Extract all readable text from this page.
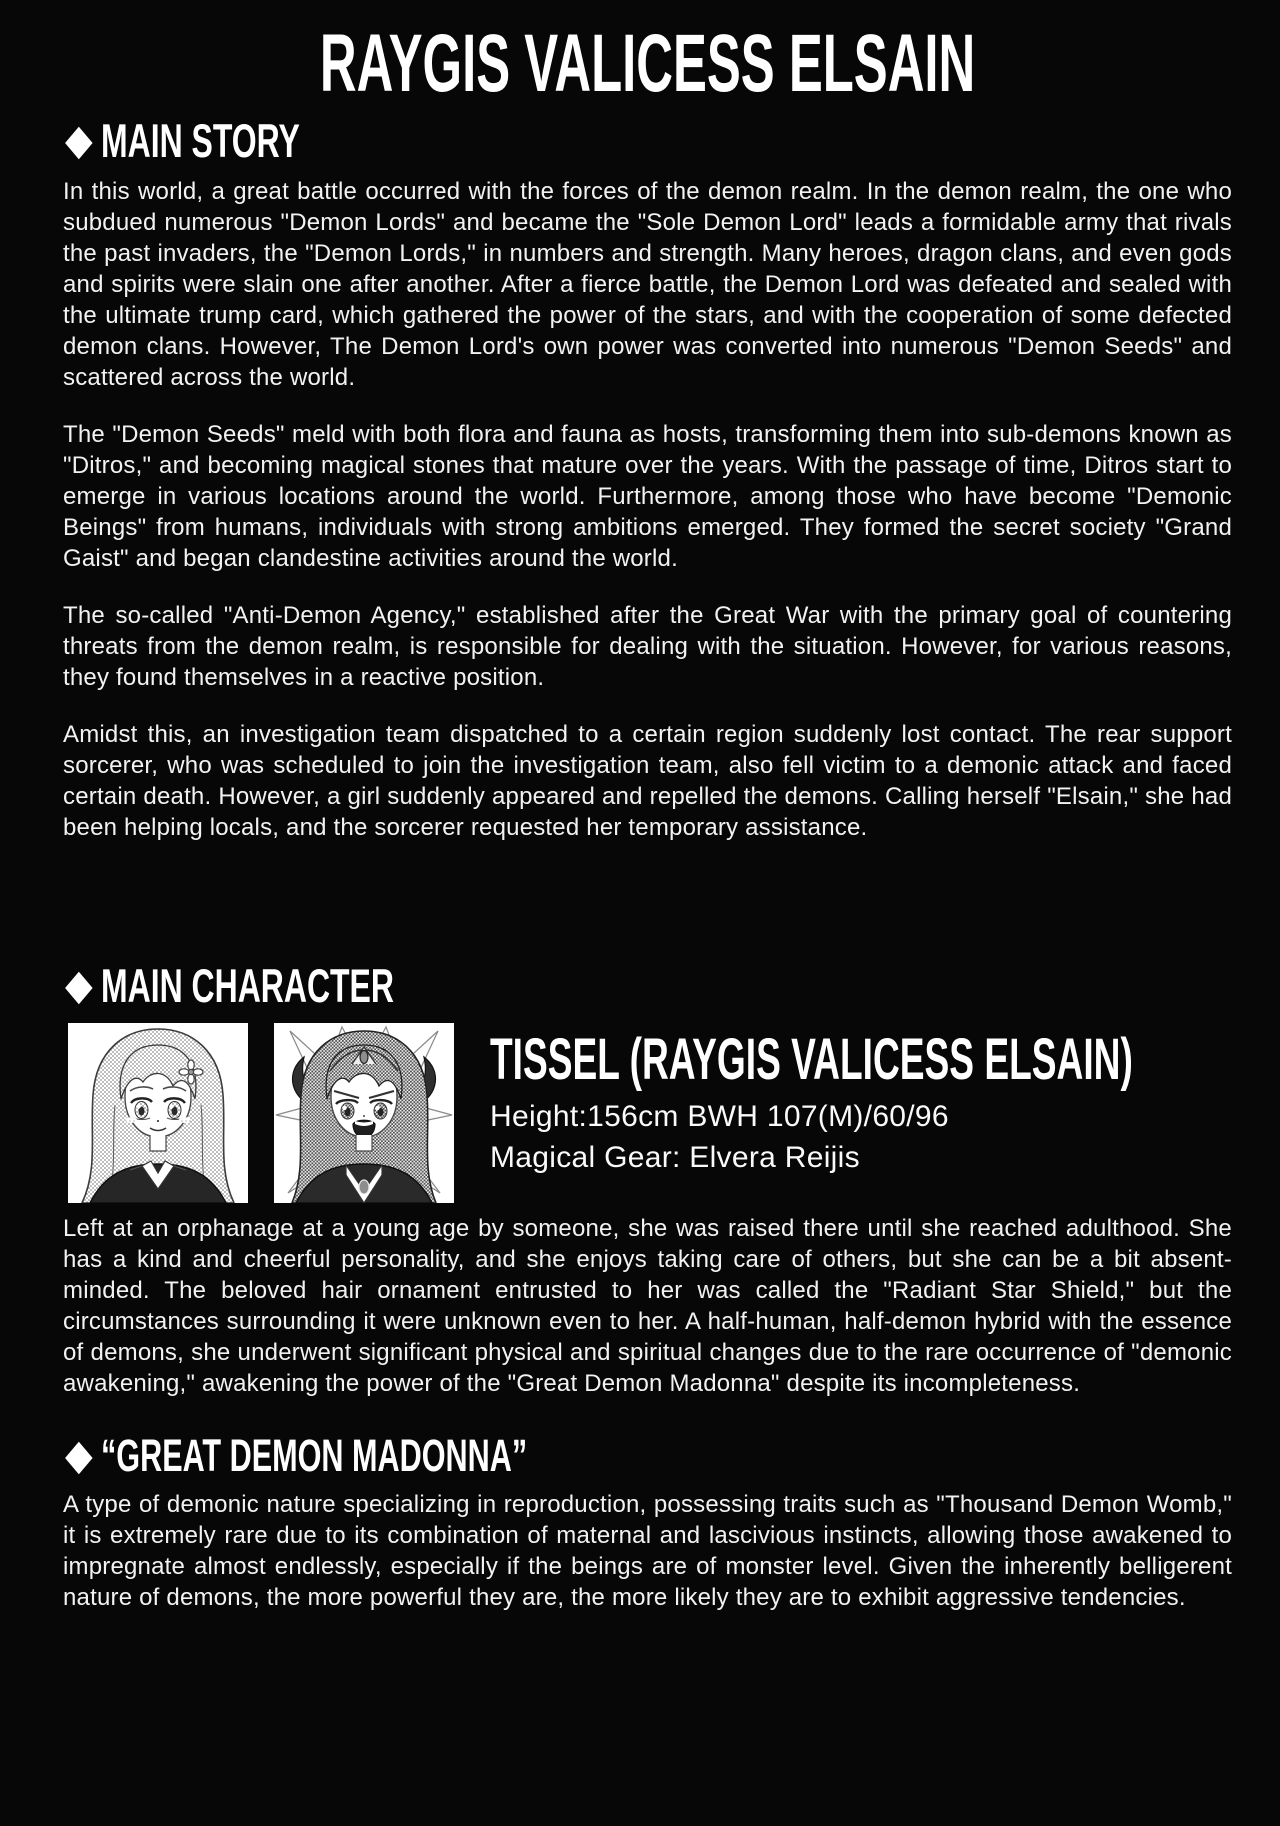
RAYGIS VALICESS ELSAIN
◆ MAIN STORY

In this world, a great battle occurred with the forces of the demon realm. In the demon realm, the one who subdued numerous "Demon Lords" and became the "Sole Demon Lord" leads a formidable army that rivals the past invaders, the "Demon Lords," in numbers and strength. Many heroes, dragon clans, and even gods and spirits were slain one after another. After a fierce battle, the Demon Lord was defeated and sealed with the ultimate trump card, which gathered the power of the stars, and with the cooperation of some defected demon clans. However, The Demon Lord's own power was converted into numerous "Demon Seeds" and scattered across the world.

The "Demon Seeds" meld with both flora and fauna as hosts, transforming them into sub-demons known as "Ditros," and becoming magical stones that mature over the years. With the passage of time, Ditros start to emerge in various locations around the world. Furthermore, among those who have become "Demonic Beings" from humans, individuals with strong ambitions emerged. They formed the secret society "Grand Gaist" and began clandestine activities around the world.

The so-called "Anti-Demon Agency," established after the Great War with the primary goal of countering threats from the demon realm, is responsible for dealing with the situation. However, for various reasons, they found themselves in a reactive position.

Amidst this, an investigation team dispatched to a certain region suddenly lost contact. The rear support sorcerer, who was scheduled to join the investigation team, also fell victim to a demonic attack and faced certain death. However, a girl suddenly appeared and repelled the demons. Calling herself "Elsain," she had been helping locals, and the sorcerer requested her temporary assistance.

◆ MAIN CHARACTER
TISSEL (RAYGIS VALICESS ELSAIN)
Height:156cm BWH 107(M)/60/96
Magical Gear: Elvera Reijis

Left at an orphanage at a young age by someone, she was raised there until she reached adulthood. She has a kind and cheerful personality, and she enjoys taking care of others, but she can be a bit absent-minded. The beloved hair ornament entrusted to her was called the "Radiant Star Shield," but the circumstances surrounding it were unknown even to her. A half-human, half-demon hybrid with the essence of demons, she underwent significant physical and spiritual changes due to the rare occurrence of "demonic awakening," awakening the power of the "Great Demon Madonna" despite its incompleteness.

◆ “GREAT DEMON MADONNA”

A type of demonic nature specializing in reproduction, possessing traits such as "Thousand Demon Womb," it is extremely rare due to its combination of maternal and lascivious instincts, allowing those awakened to impregnate almost endlessly, especially if the beings are of monster level. Given the inherently belligerent nature of demons, the more powerful they are, the more likely they are to exhibit aggressive tendencies.
